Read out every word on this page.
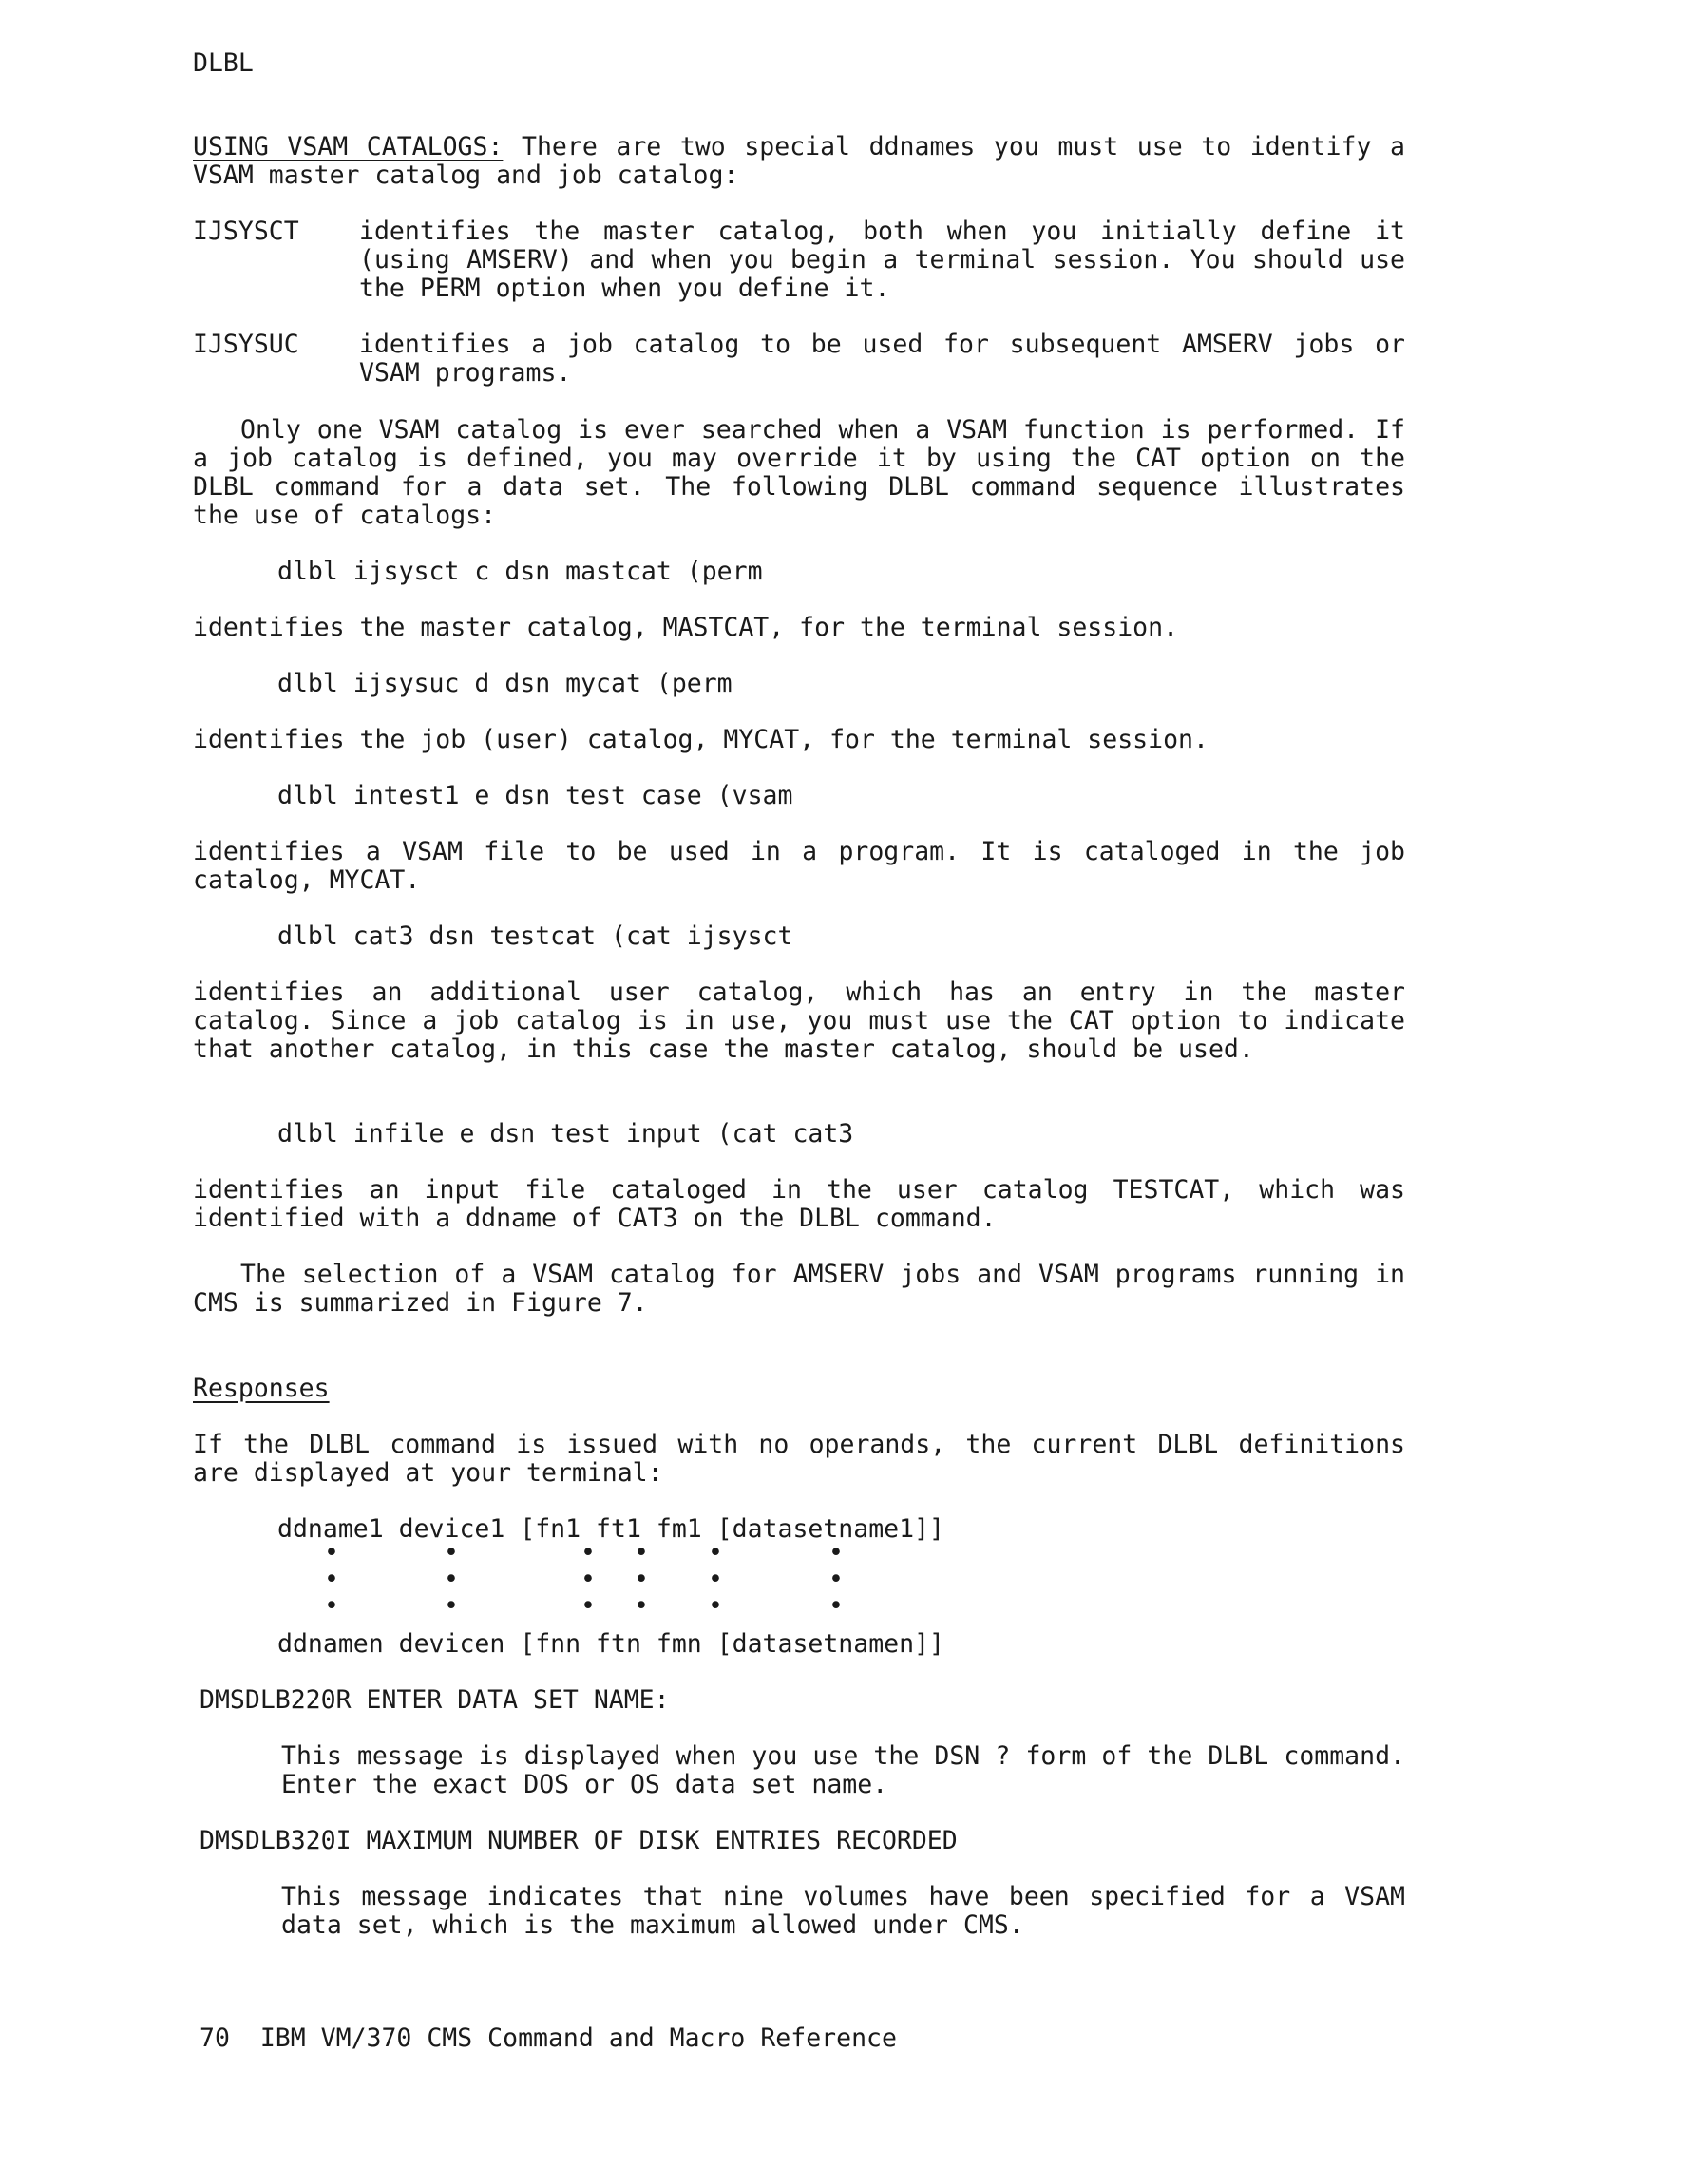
DLBL
USING VSAM CATALOGS: There are two special ddnames you must use to identify a VSAM master catalog and job catalog:
IJSYSCT identifies the master catalog, both when you initially define it (using AMSERV) and when you begin a terminal session. You should use the PERM option when you define it.
IJSYSUC identifies a job catalog to be used for subsequent AMSERV jobs or VSAM programs.
Only one VSAM catalog is ever searched when a VSAM function is performed. If a job catalog is defined, you may override it by using the CAT option on the DLBL command for a data set. The following DLBL command sequence illustrates the use of catalogs:
dlbl ijsysct c dsn mastcat (perm
identifies the master catalog, MASTCAT, for the terminal session.
dlbl ijsysuc d dsn mycat (perm
identifies the job (user) catalog, MYCAT, for the terminal session.
dlbl intest1 e dsn test case (vsam
identifies a VSAM file to be used in a program. It is cataloged in the job catalog, MYCAT.
dlbl cat3 dsn testcat (cat ijsysct
identifies an additional user catalog, which has an entry in the master catalog. Since a job catalog is in use, you must use the CAT option to indicate that another catalog, in this case the master catalog, should be used.
dlbl infile e dsn test input (cat cat3
identifies an input file cataloged in the user catalog TESTCAT, which was identified with a ddname of CAT3 on the DLBL command.
The selection of a VSAM catalog for AMSERV jobs and VSAM programs running in CMS is summarized in Figure 7.
Responses
If the DLBL command is issued with no operands, the current DLBL definitions are displayed at your terminal:
ddname1 device1 [fn1 ft1 fm1 [datasetname1]]
•	•	• • •	•
•	•	• • •	•
•	•	• • •	•
ddnamen devicen [fnn ftn fmn [datasetnamen]]
DMSDLB220R ENTER DATA SET NAME:
This message is displayed when you use the DSN ? form of the DLBL command. Enter the exact DOS or OS data set name.
DMSDLB320I MAXIMUM NUMBER OF DISK ENTRIES RECORDED
This message indicates that nine volumes have been specified for a VSAM data set, which is the maximum allowed under CMS.
70 IBM VM/370 CMS Command and Macro Reference
